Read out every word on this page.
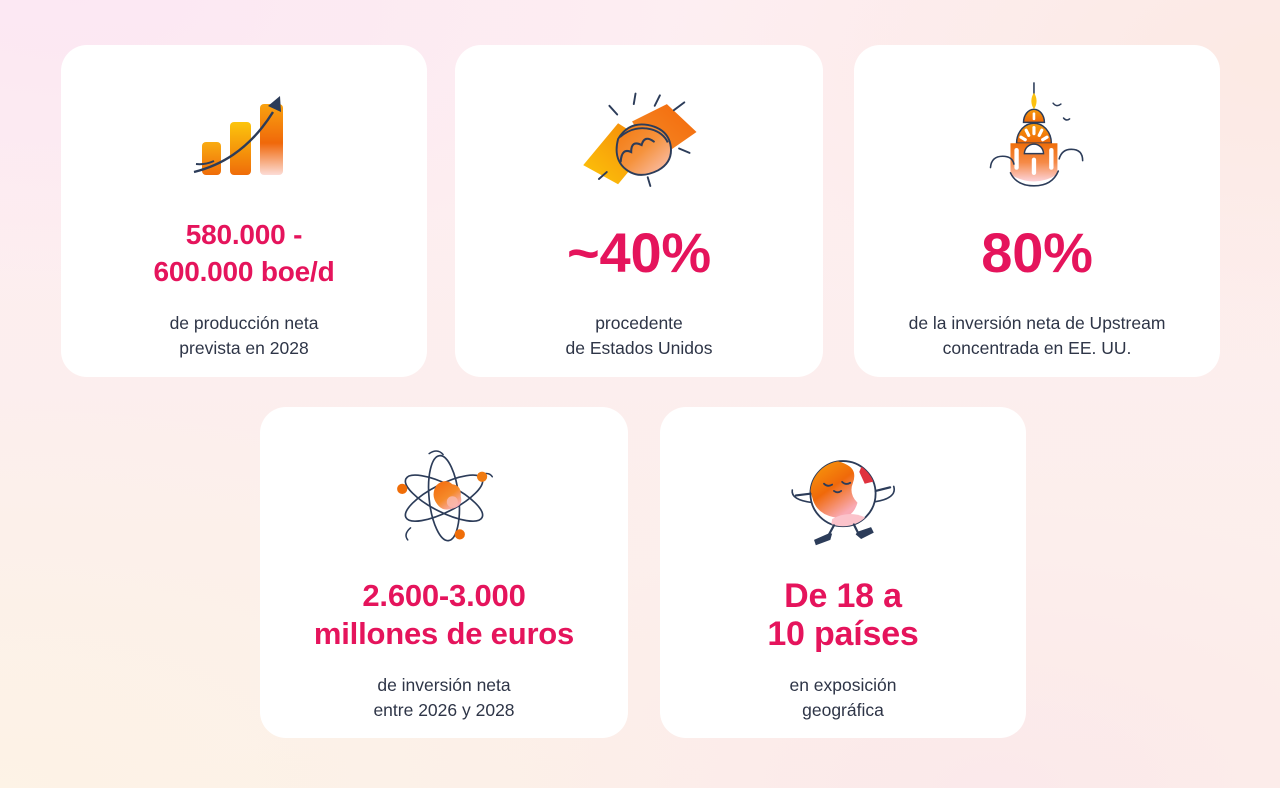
580.000 -
600.000 boe/d

de producción neta
prevista en 2028

~40%

procedente
de Estados Unidos

80%

de la inversión neta de Upstream
concentrada en EE. UU.

2.600-3.000
millones de euros

de inversión neta
entre 2026 y 2028

De 18 a
10 países

en exposición
geográfica
